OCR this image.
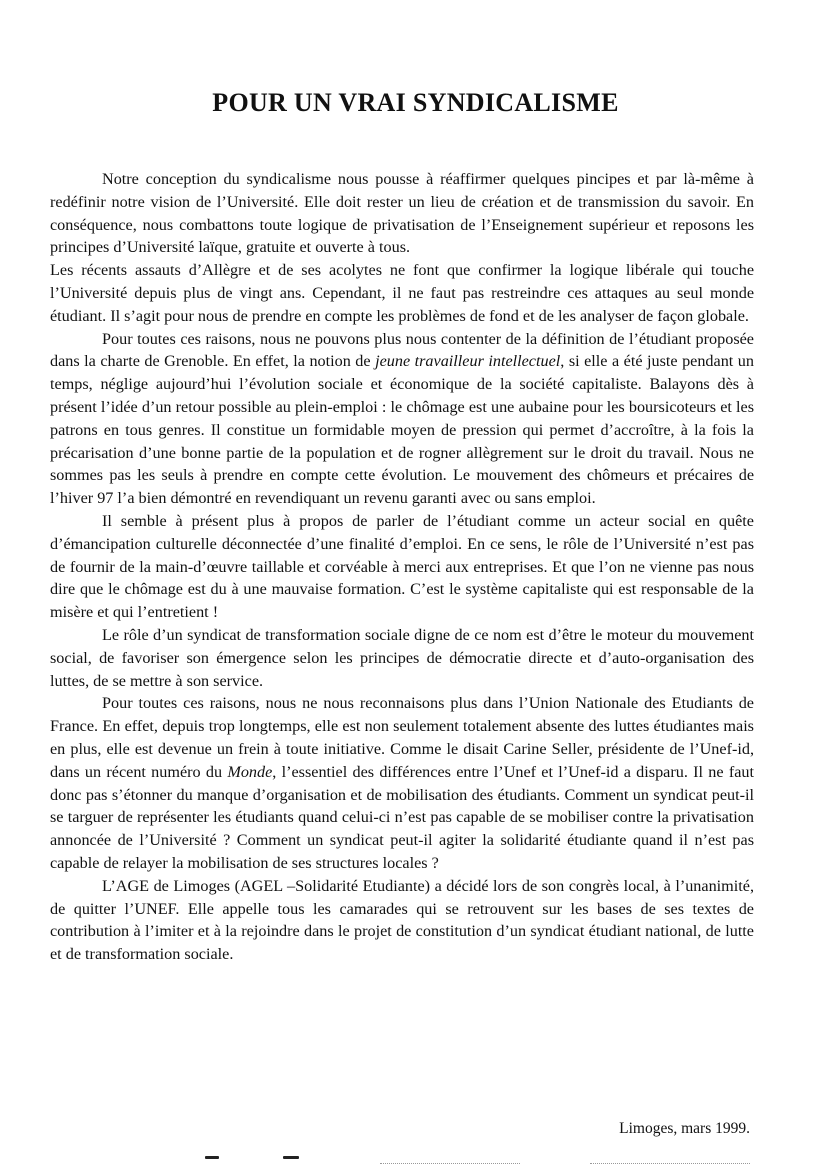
POUR UN VRAI SYNDICALISME

Notre conception du syndicalisme nous pousse à réaffirmer quelques pincipes et par là-même à redéfinir notre vision de l’Université. Elle doit rester un lieu de création et de transmission du savoir. En conséquence, nous combattons toute logique de privatisation de l’Enseignement supérieur et reposons les principes d’Université laïque, gratuite et ouverte à tous.

Les récents assauts d’Allègre et de ses acolytes ne font que confirmer la logique libérale qui touche l’Université depuis plus de vingt ans. Cependant, il ne faut pas restreindre ces attaques au seul monde étudiant. Il s’agit pour nous de prendre en compte les problèmes de fond et de les analyser de façon globale.

Pour toutes ces raisons, nous ne pouvons plus nous contenter de la définition de l’étudiant proposée dans la charte de Grenoble. En effet, la notion de jeune travailleur intellectuel, si elle a été juste pendant un temps, néglige aujourd’hui l’évolution sociale et économique de la société capitaliste. Balayons dès à présent l’idée d’un retour possible au plein-emploi : le chômage est une aubaine pour les boursicoteurs et les patrons en tous genres. Il constitue un formidable moyen de pression qui permet d’accroître, à la fois la précarisation d’une bonne partie de la population et de rogner allègrement sur le droit du travail. Nous ne sommes pas les seuls à prendre en compte cette évolution. Le mouvement des chômeurs et précaires de l’hiver 97 l’a bien démontré en revendiquant un revenu garanti avec ou sans emploi.

Il semble à présent plus à propos de parler de l’étudiant comme un acteur social en quête d’émancipation culturelle déconnectée d’une finalité d’emploi. En ce sens, le rôle de l’Université n’est pas de fournir de la main-d’œuvre taillable et corvéable à merci aux entreprises. Et que l’on ne vienne pas nous dire que le chômage est du à une mauvaise formation. C’est le système capitaliste qui est responsable de la misère et qui l’entretient !

Le rôle d’un syndicat de transformation sociale digne de ce nom est d’être le moteur du mouvement social, de favoriser son émergence selon les principes de démocratie directe et d’auto-organisation des luttes, de se mettre à son service.

Pour toutes ces raisons, nous ne nous reconnaisons plus dans l’Union Nationale des Etudiants de France. En effet, depuis trop longtemps, elle est non seulement totalement absente des luttes étudiantes mais en plus, elle est devenue un frein à toute initiative. Comme le disait Carine Seller, présidente de l’Unef-id, dans un récent numéro du Monde, l’essentiel des différences entre l’Unef et l’Unef-id a disparu. Il ne faut donc pas s’étonner du manque d’organisation et de mobilisation des étudiants. Comment un syndicat peut-il se targuer de représenter les étudiants quand celui-ci n’est pas capable de se mobiliser contre la privatisation annoncée de l’Université ? Comment un syndicat peut-il agiter la solidarité étudiante quand il n’est pas capable de relayer la mobilisation de ses structures locales ?

L’AGE de Limoges (AGEL –Solidarité Etudiante) a décidé lors de son congrès local, à l’unanimité, de quitter l’UNEF. Elle appelle tous les camarades qui se retrouvent sur les bases de ses textes de contribution à l’imiter et à la rejoindre dans le projet de constitution d’un syndicat étudiant national, de lutte et de transformation sociale.

Limoges, mars 1999.
